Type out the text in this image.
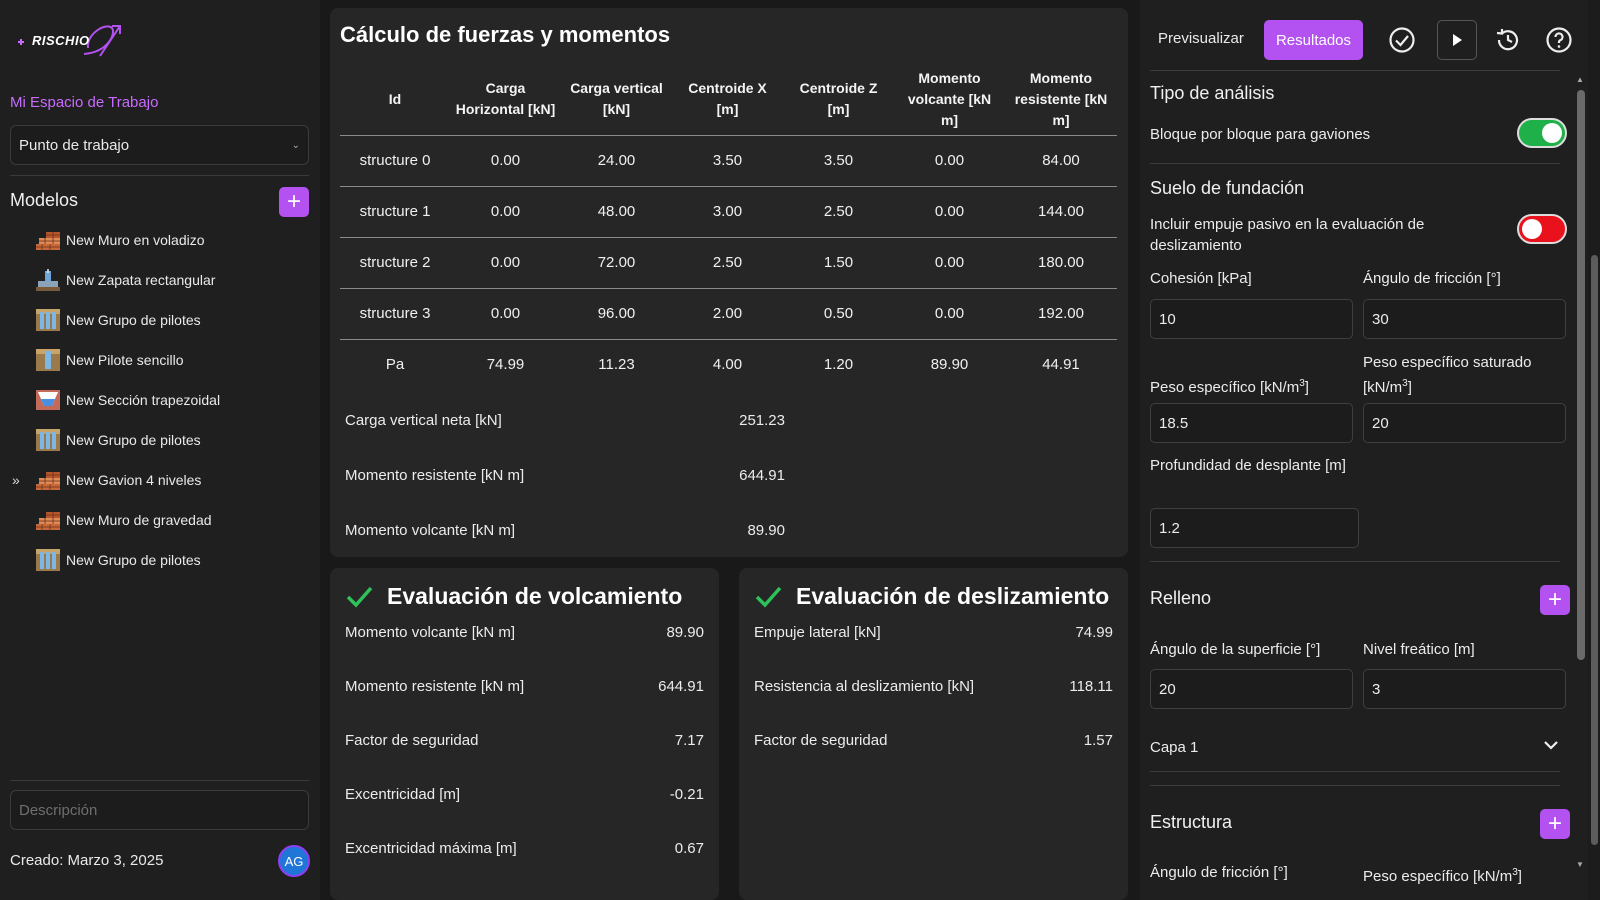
RISCHIO
Mi Espacio de Trabajo
Punto de trabajo	⌄
Modelos	+
New Muro en voladizo
New Zapata rectangular
New Grupo de pilotes
New Pilote sencillo
New Sección trapezoidal
New Grupo de pilotes
»	New Gavion 4 niveles
New Muro de gravedad
New Grupo de pilotes
Descripción
Creado: Marzo 3, 2025	AG
Cálculo de fuerzas y momentos
Id	Carga Horizontal [kN]	Carga vertical [kN]	Centroide X [m]	Centroide Z [m]	Momento volcante [kN m]	Momento resistente [kN m]
structure 0	0.00	24.00	3.50	3.50	0.00	84.00
structure 1	0.00	48.00	3.00	2.50	0.00	144.00
structure 2	0.00	72.00	2.50	1.50	0.00	180.00
structure 3	0.00	96.00	2.00	0.50	0.00	192.00
Pa	74.99	11.23	4.00	1.20	89.90	44.91
Carga vertical neta [kN]	251.23
Momento resistente [kN m]	644.91
Momento volcante [kN m]	89.90
Evaluación de volcamiento
Momento volcante [kN m]	89.90
Momento resistente [kN m]	644.91
Factor de seguridad	7.17
Excentricidad [m]	-0.21
Excentricidad máxima [m]	0.67
Evaluación de deslizamiento
Empuje lateral [kN]	74.99
Resistencia al deslizamiento [kN]	118.11
Factor de seguridad	1.57
Previsualizar	Resultados
Tipo de análisis
Bloque por bloque para gaviones
Suelo de fundación
Incluir empuje pasivo en la evaluación de deslizamiento
Cohesión [kPa]	Ángulo de fricción [°]
10	30
Peso específico $[kN/m^3]$
Peso específico saturado $[kN/m^3]$
18.5	20
Profundidad de desplante [m]
1.2
Relleno	+
Ángulo de la superficie [°]	Nivel freático [m]
20	3
Capa 1
Estructura	+
Ángulo de fricción [°]	Peso específico $[kN/m^3]$
▲
▼
